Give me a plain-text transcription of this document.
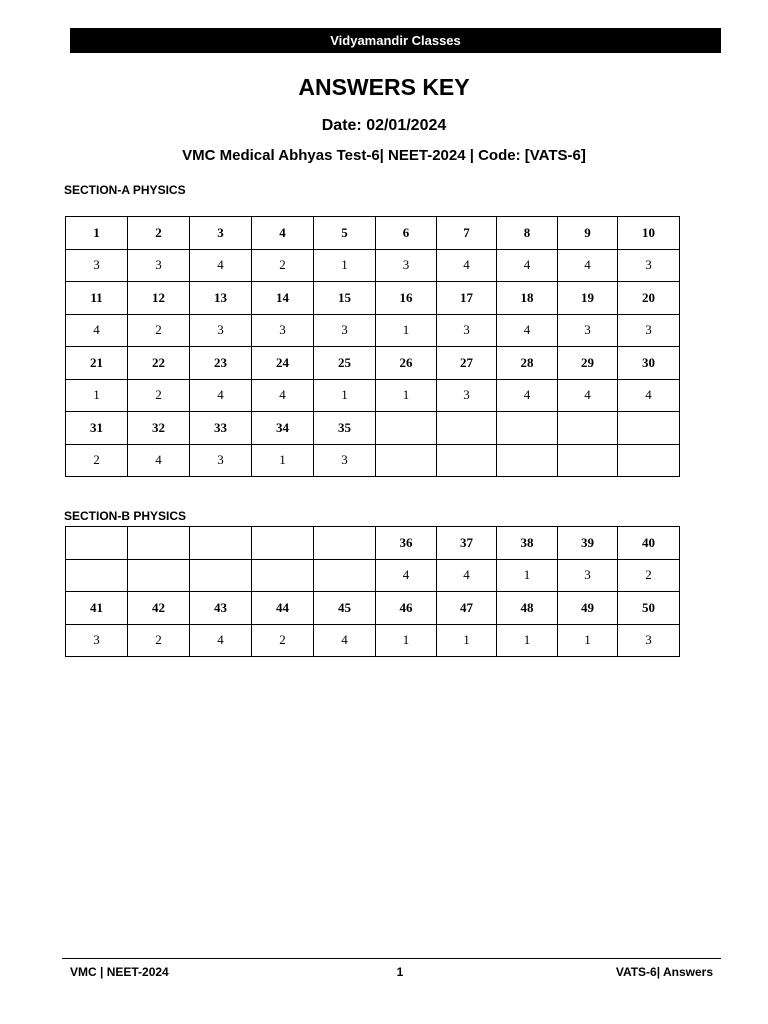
Vidyamandir Classes
ANSWERS KEY
Date: 02/01/2024
VMC Medical Abhyas Test-6| NEET-2024 | Code: [VATS-6]
SECTION-A PHYSICS
1	2	3	4	5	6	7	8	9	10
3	3	4	2	1	3	4	4	4	3
11	12	13	14	15	16	17	18	19	20
4	2	3	3	3	1	3	4	3	3
21	22	23	24	25	26	27	28	29	30
1	2	4	4	1	1	3	4	4	4
31	32	33	34	35					
2	4	3	1	3					
SECTION-B PHYSICS
					36	37	38	39	40
					4	4	1	3	2
41	42	43	44	45	46	47	48	49	50
3	2	4	2	4	1	1	1	1	3
VMC | NEET-2024	1	VATS-6| Answers
